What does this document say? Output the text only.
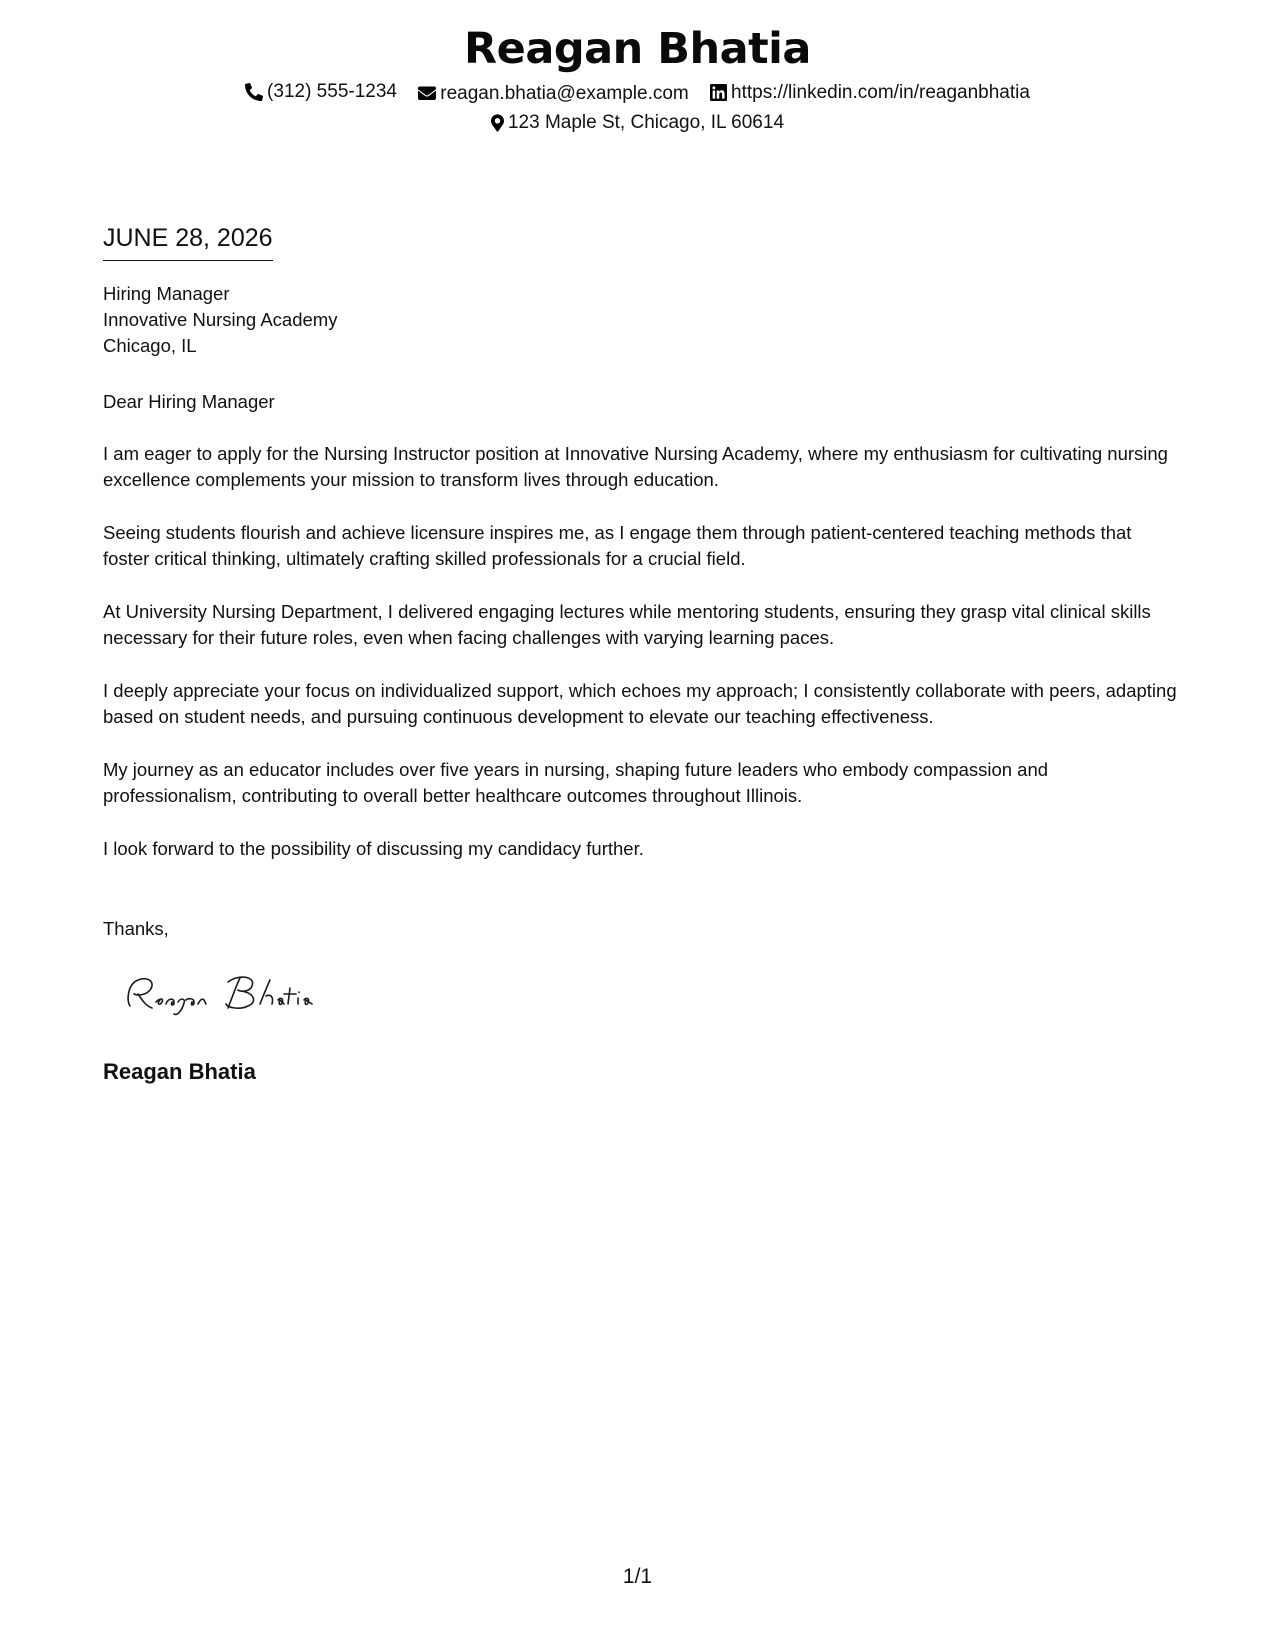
Reagan Bhatia
(312) 555-1234
reagan.bhatia@example.com
https://linkedin.com/in/reaganbhatia
123 Maple St, Chicago, IL 60614
JUNE 28, 2026
Hiring Manager
Innovative Nursing Academy
Chicago, IL
Dear Hiring Manager

I am eager to apply for the Nursing Instructor position at Innovative Nursing Academy, where my enthusiasm for cultivating nursing excellence complements your mission to transform lives through education.

Seeing students flourish and achieve licensure inspires me, as I engage them through patient-centered teaching methods that foster critical thinking, ultimately crafting skilled professionals for a crucial field.

At University Nursing Department, I delivered engaging lectures while mentoring students, ensuring they grasp vital clinical skills necessary for their future roles, even when facing challenges with varying learning paces.

I deeply appreciate your focus on individualized support, which echoes my approach; I consistently collaborate with peers, adapting based on student needs, and pursuing continuous development to elevate our teaching effectiveness.

My journey as an educator includes over five years in nursing, shaping future leaders who embody compassion and professionalism, contributing to overall better healthcare outcomes throughout Illinois.

I look forward to the possibility of discussing my candidacy further.

Thanks,
Reagan Bhatia
1/1
